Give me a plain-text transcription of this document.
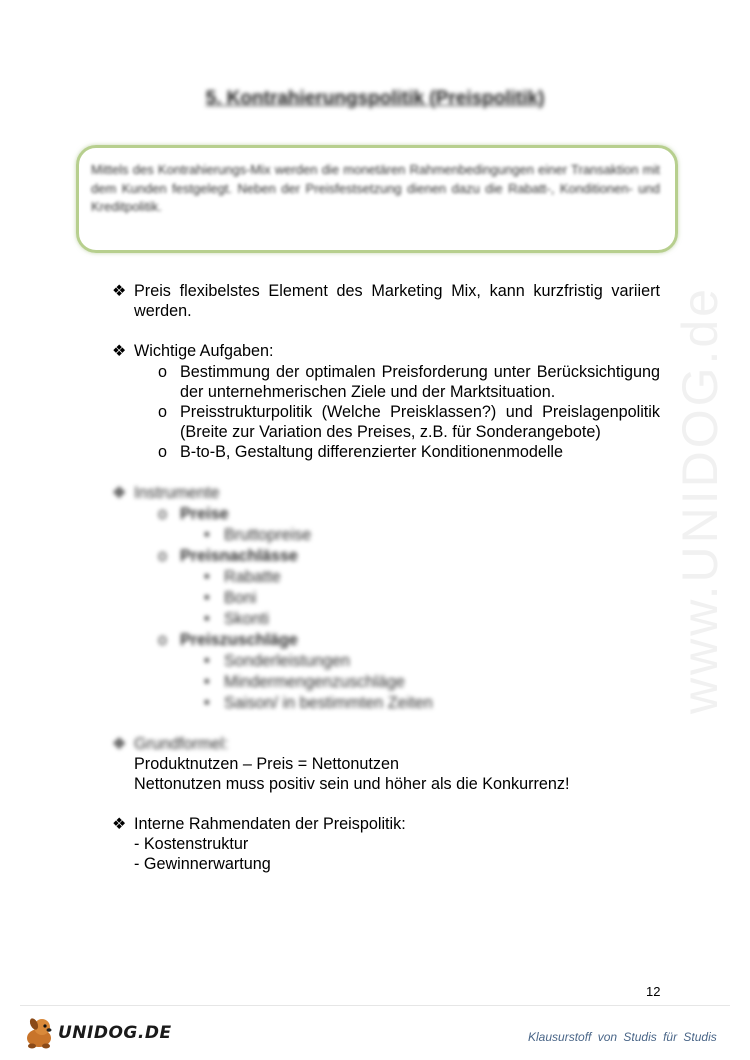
www.UNIDOG.de
5. Kontrahierungspolitik (Preispolitik)

Mittels des Kontrahierungs-Mix werden die monetären Rahmenbedingungen einer Transaktion mit dem Kunden festgelegt. Neben der Preisfestsetzung dienen dazu die Rabatt-, Konditionen- und Kreditpolitik.

❖ Preis flexibelstes Element des Marketing Mix, kann kurzfristig variiert werden.
❖ Wichtige Aufgaben:
o Bestimmung der optimalen Preisforderung unter Berücksichtigung der unternehmerischen Ziele und der Marktsituation.
o Preisstrukturpolitik (Welche Preisklassen?) und Preislagenpolitik (Breite zur Variation des Preises, z.B. für Sonderangebote)
o B-to-B, Gestaltung differenzierter Konditionenmodelle
❖ Instrumente
o Preise
• Bruttopreise
o Preisnachlässe
• Rabatte
• Boni
• Skonti
o Preiszuschläge
• Sonderleistungen
• Mindermengenzuschläge
• Saison/ in bestimmten Zeiten
❖ Grundformel:
Produktnutzen – Preis = Nettonutzen
Nettonutzen muss positiv sein und höher als die Konkurrenz!
❖ Interne Rahmendaten der Preispolitik:
- Kostenstruktur
- Gewinnerwartung
12
UNIDOG.DE	Klausurstoff von Studis für Studis
